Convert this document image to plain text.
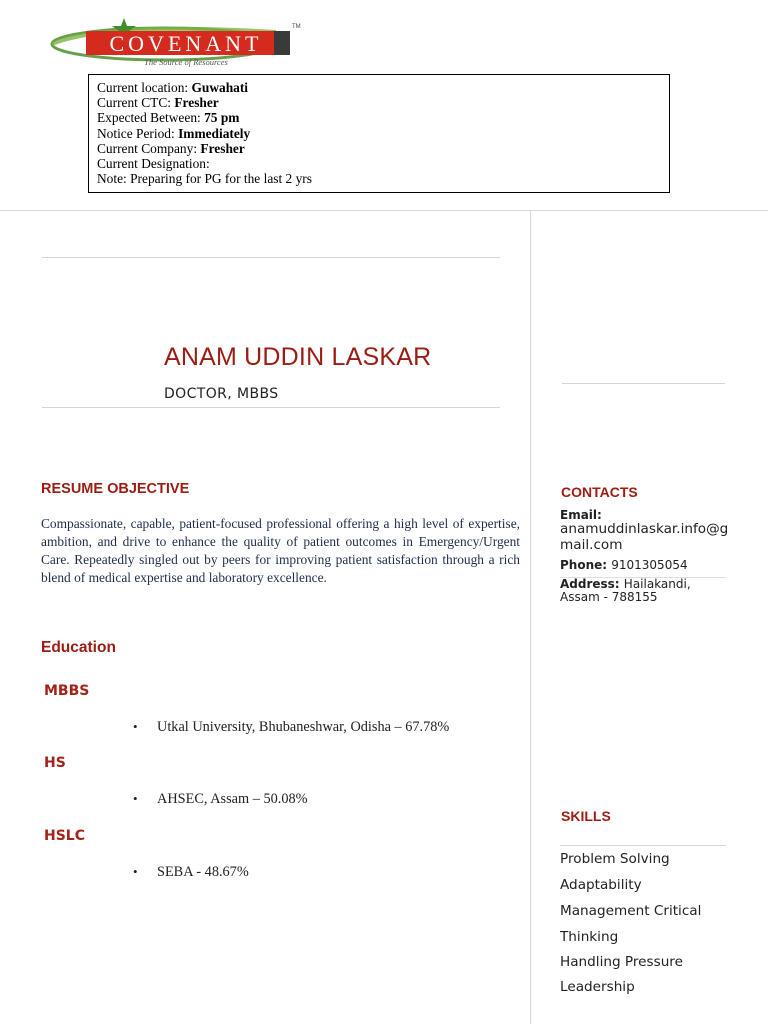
COVENANT
The Source of Resources
TM
Current location: Guwahati
Current CTC: Fresher
Expected Between: 75 pm
Notice Period: Immediately
Current Company: Fresher
Current Designation:
Note: Preparing for PG for the last 2 yrs
ANAM UDDIN LASKAR
DOCTOR, MBBS
RESUME OBJECTIVE
Compassionate, capable, patient-focused professional offering a high level of expertise, ambition, and drive to enhance the quality of patient outcomes in Emergency/Urgent Care. Repeatedly singled out by peers for improving patient satisfaction through a rich blend of medical expertise and laboratory excellence.
Education
MBBS
• Utkal University, Bhubaneshwar, Odisha – 67.78%
HS
• AHSEC, Assam – 50.08%
HSLC
• SEBA - 48.67%
CONTACTS
Email:
anamuddinlaskar.info@g mail.com
Phone: 9101305054
Address: Hailakandi, Assam - 788155
SKILLS
Problem Solving
Adaptability
Management Critical
Thinking
Handling Pressure
Leadership
